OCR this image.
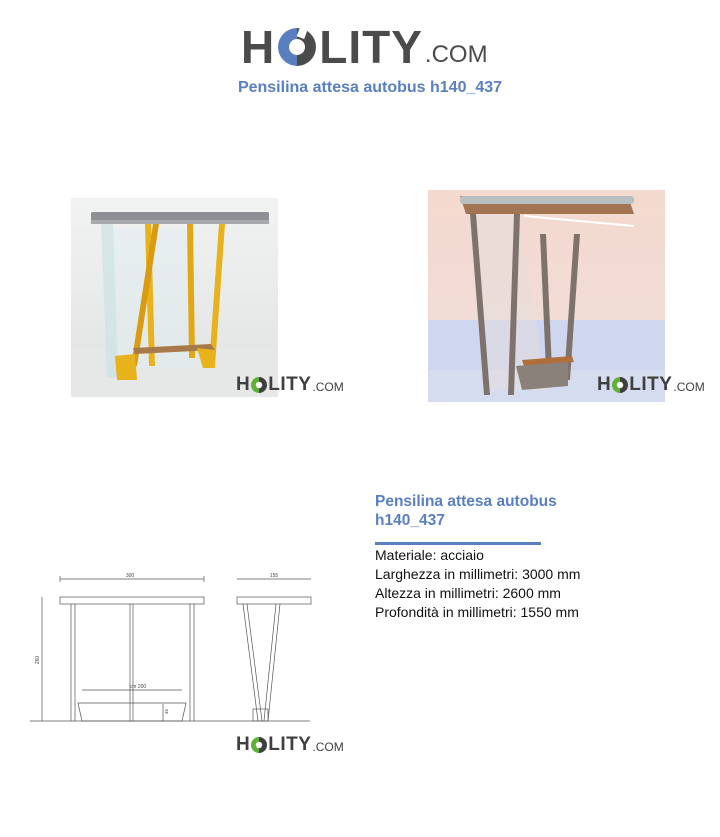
H LITY .COM
Pensilina attesa autobus h140_437
H LITY .COM	H LITY .COM
Pensilina attesa autobus h140_437
Materiale: acciaio
Larghezza in millimetri: 3000 mm
Altezza in millimetri: 2600 mm
Profondità in millimetri: 1550 mm
300	155
260
cm 200
45
H LITY .COM
